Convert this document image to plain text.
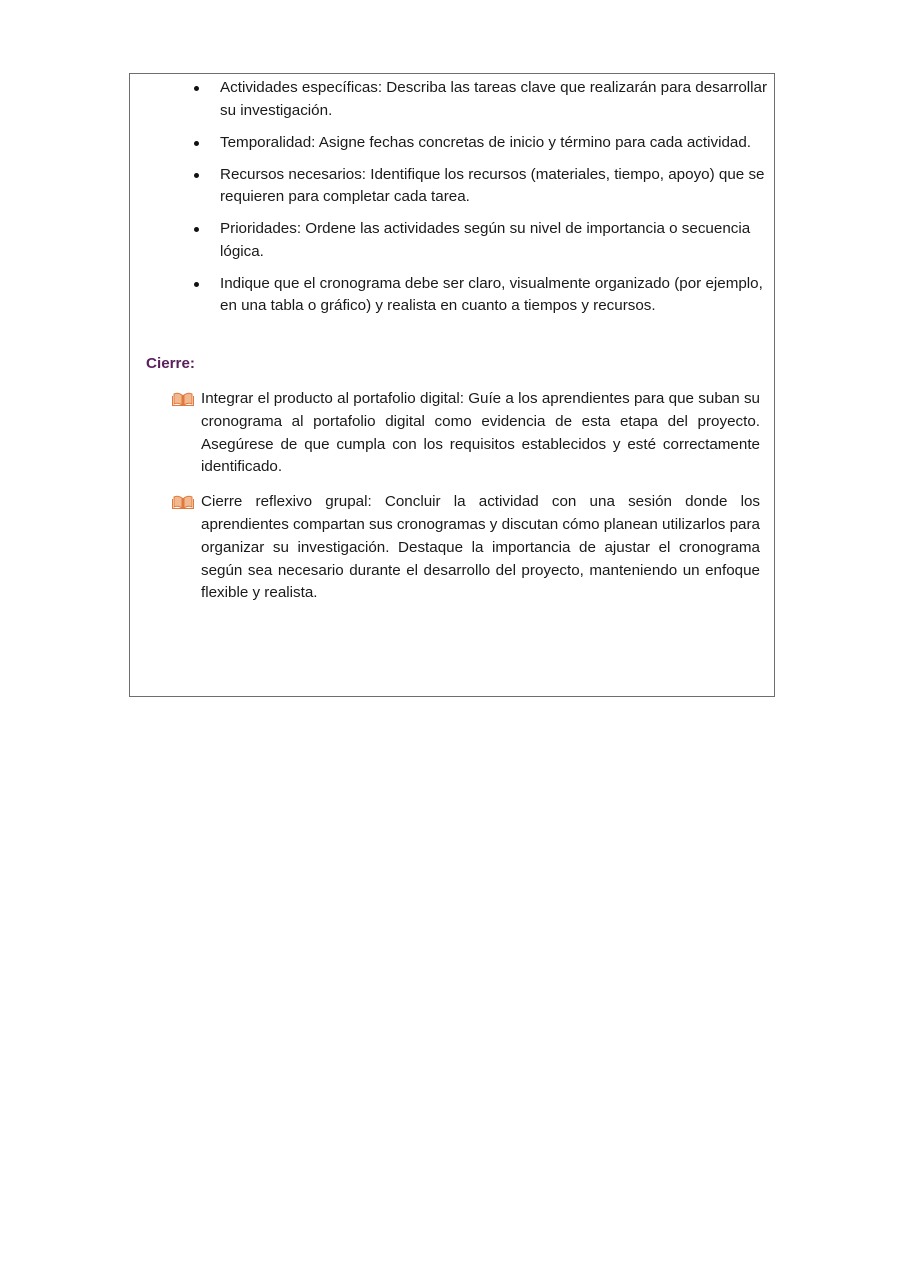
Actividades específicas: Describa las tareas clave que realizarán para desarrollar su investigación.
Temporalidad: Asigne fechas concretas de inicio y término para cada actividad.
Recursos necesarios: Identifique los recursos (materiales, tiempo, apoyo) que se requieren para completar cada tarea.
Prioridades: Ordene las actividades según su nivel de importancia o secuencia lógica.
Indique que el cronograma debe ser claro, visualmente organizado (por ejemplo, en una tabla o gráfico) y realista en cuanto a tiempos y recursos.
Cierre:

Integrar el producto al portafolio digital: Guíe a los aprendientes para que suban su cronograma al portafolio digital como evidencia de esta etapa del proyecto. Asegúrese de que cumpla con los requisitos establecidos y esté correctamente identificado.

Cierre reflexivo grupal: Concluir la actividad con una sesión donde los aprendientes compartan sus cronogramas y discutan cómo planean utilizarlos para organizar su investigación. Destaque la importancia de ajustar el cronograma según sea necesario durante el desarrollo del proyecto, manteniendo un enfoque flexible y realista.
